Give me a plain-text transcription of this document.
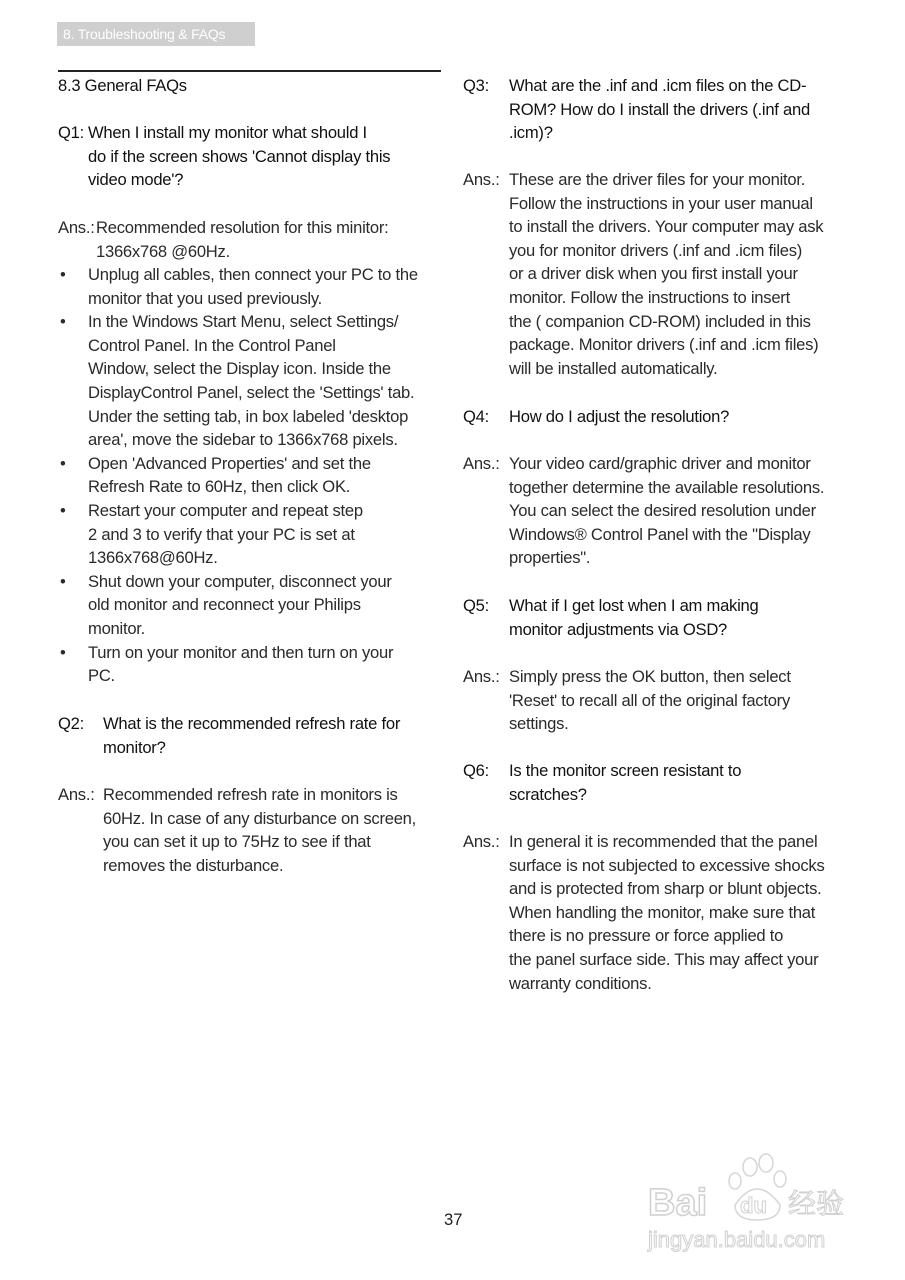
8. Troubleshooting & FAQs
8.3 General FAQs
Q1: When I install my monitor what should I
do if the screen shows 'Cannot display this
video mode'?
Ans.: Recommended resolution for this minitor:
1366x768 @60Hz.
• Unplug all cables, then connect your PC to the
monitor that you used previously.
• In the Windows Start Menu, select Settings/
Control Panel. In the Control Panel
Window, select the Display icon. Inside the
DisplayControl Panel, select the 'Settings' tab.
Under the setting tab, in box labeled 'desktop
area', move the sidebar to 1366x768 pixels.
• Open 'Advanced Properties' and set the
Refresh Rate to 60Hz, then click OK.
• Restart your computer and repeat step
2 and 3 to verify that your PC is set at
1366x768@60Hz.
• Shut down your computer, disconnect your
old monitor and reconnect your Philips
monitor.
• Turn on your monitor and then turn on your
PC.
Q2: What is the recommended refresh rate for
monitor?
Ans.: Recommended refresh rate in monitors is
60Hz. In case of any disturbance on screen,
you can set it up to 75Hz to see if that
removes the disturbance.
Q3: What are the .inf and .icm files on the CD-
ROM? How do I install the drivers (.inf and
.icm)?
Ans.: These are the driver files for your monitor.
Follow the instructions in your user manual
to install the drivers. Your computer may ask
you for monitor drivers (.inf and .icm files)
or a driver disk when you first install your
monitor. Follow the instructions to insert
the ( companion CD-ROM) included in this
package. Monitor drivers (.inf and .icm files)
will be installed automatically.
Q4: How do I adjust the resolution?
Ans.: Your video card/graphic driver and monitor
together determine the available resolutions.
You can select the desired resolution under
Windows® Control Panel with the "Display
properties".
Q5: What if I get lost when I am making
monitor adjustments via OSD?
Ans.: Simply press the OK button, then select
'Reset' to recall all of the original factory
settings.
Q6: Is the monitor screen resistant to
scratches?
Ans.: In general it is recommended that the panel
surface is not subjected to excessive shocks
and is protected from sharp or blunt objects.
When handling the monitor, make sure that
there is no pressure or force applied to
the panel surface side. This may affect your
warranty conditions.
37	Bai du 经验
jingyan.baidu.com
